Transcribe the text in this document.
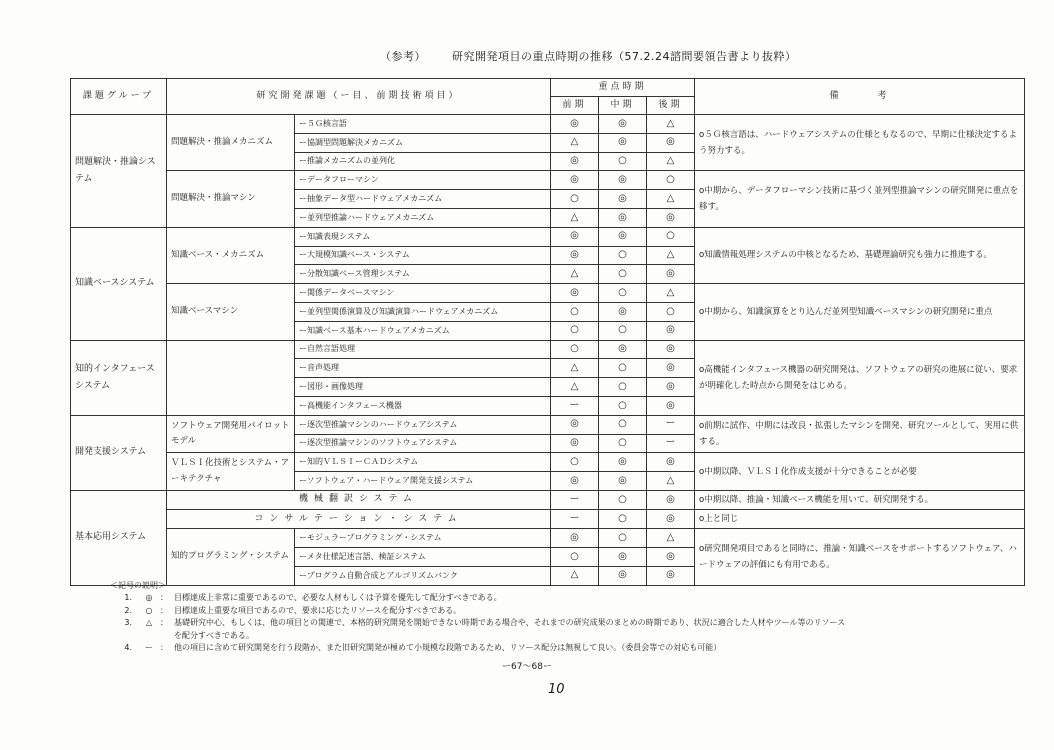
（参考） 研究開発項目の重点時期の推移（57.2.24諮問要領告書より抜粋）
課題グループ	研究開発課題（ー目、前期技術項目）		重点時期			備　　　考
			前期	中期	後期	
問題解決・推論システム	問題解決・推論メカニズム	ー５Ｇ核言語	◎	◎	△	o５Ｇ核言語は、ハードウェアシステムの仕様ともなるので、早期に仕様決定するよう努力する。
		ー協調型問題解決メカニズム	△	◎	◎	
		ー推論メカニズムの並列化	◎	○	△	
	問題解決・推論マシン	ーデータフローマシン	◎	◎	○	o中期から、データフローマシン技術に基づく並列型推論マシンの研究開発に重点を移す。
		ー抽象データ型ハードウェアメカニズム	○	◎	△	
		ー並列型推論ハードウェアメカニズム	△	◎	◎	
知識ベースシステム	知識ベース・メカニズム	ー知識表現システム	◎	◎	○	o知識情報処理システムの中核となるため、基礎理論研究も強力に推進する。
		ー大規模知識ベース・システム	◎	○	△	
		ー分散知識ベース管理システム	△	○	◎	
	知識ベースマシン	ー関係データベースマシン	◎	○	△	o中期から、知識演算をとり込んだ並列型知識ベースマシンの研究開発に重点
		ー並列型関係演算及び知識演算ハードウェアメカニズム	○	◎	○	
		ー知識ベース基本ハードウェアメカニズム	○	○	◎	
知的インタフェースシステム		ー自然言語処理	○	◎	◎	o高機能インタフェース機器の研究開発は、ソフトウェアの研究の進展に従い、要求が明確化した時点から開発をはじめる。
		ー音声処理	△	○	◎	
		ー図形・画像処理	△	○	◎	
		ー高機能インタフェース機器	ー	○	◎	
開発支援システム	ソフトウェア開発用パイロットモデル	ー逐次型推論マシンのハードウェアシステム	◎	○	ー	o前期に試作、中期には改良・拡張したマシンを開発、研究ツールとして、実用に供する。
		ー逐次型推論マシンのソフトウェアシステム	◎	○	ー	
	ＶＬＳＩ化技術とシステム・アーキテクチャ	ー知的ＶＬＳＩーＣＡＤシステム	○	◎	◎	o中期以降、ＶＬＳＩ化作成支援が十分できることが必要
		ーソフトウェア・ハードウェア開発支援システム	◎	◎	△	
基本応用システム	機械翻訳システム		ー	○	◎	o中期以降、推論・知識ベース機能を用いて、研究開発する。
	コンサルテーション・システム		ー	○	◎	o上と同じ
	知的プログラミング・システム	ーモジュラープログラミング・システム	◎	○	△	o研究開発項目であると同時に、推論・知識ベースをサポートするソフトウェア、ハードウェアの評価にも有用である。
		ーメタ仕様記述言語、検証システム	○	◎	◎	
		ープログラム自動合成とアルゴリズムバンク	△	◎	◎	
＜記号の説明＞
1.	◎ ： 目標達成上非常に重要であるので、必要な人材もしくは予算を優先して配分すべきである。
2.	○ ： 目標達成上重要な項目であるので、要求に応じたリソースを配分すべきである。
3.	△ ： 基礎研究中心、もしくは、他の項目との関連で、本格的研究開発を開始できない時期である場合や、それまでの研究成果のまとめの時期であり、状況に適合した人材やツール等のリソース
を配分すべきである。
4.	ー ： 他の項目に含めて研究開発を行う段階か、また旧研究開発が極めて小規模な段階であるため、リソース配分は無視して良い。（委員会等での対応も可能）
ー67〜68ー
10
